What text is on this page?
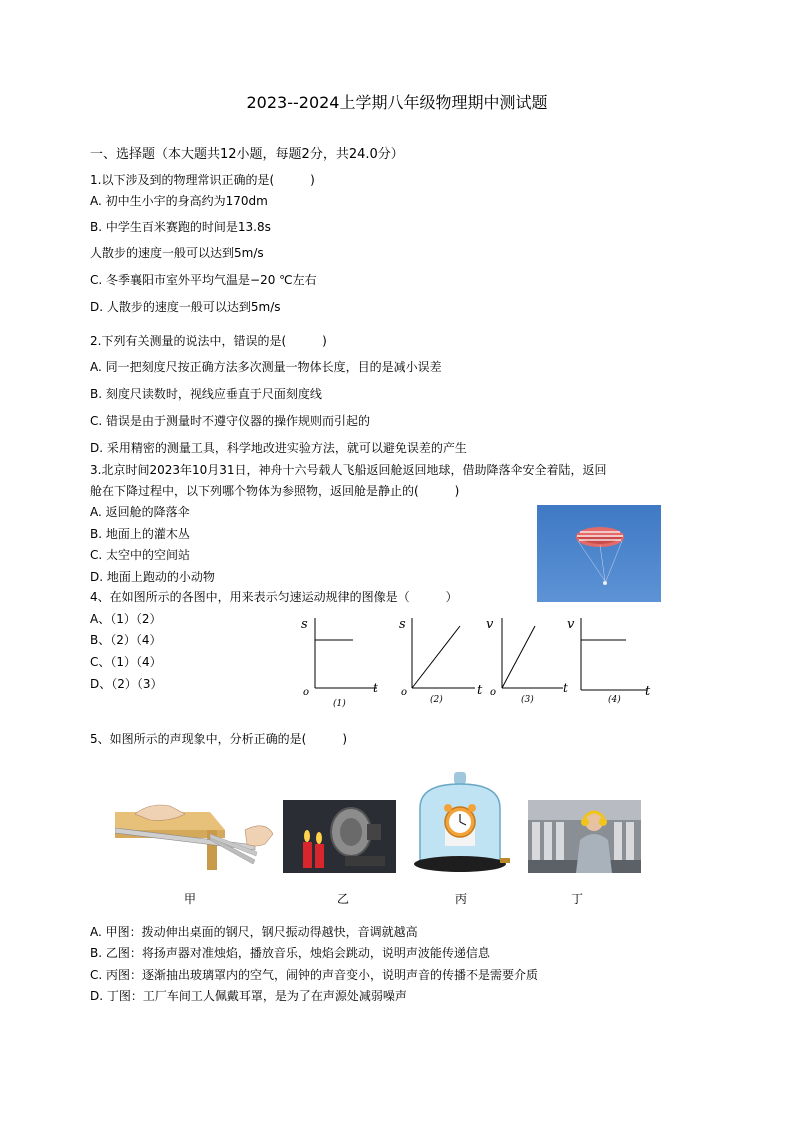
2023--2024上学期八年级物理期中测试题
一、选择题（本大题共12小题，每题2分，共24.0分）
1.以下涉及到的物理常识正确的是(　　　)
A. 初中生小宇的身高约为170dm
B. 中学生百米赛跑的时间是13.8s
人散步的速度一般可以达到5m/s
C. 冬季襄阳市室外平均气温是−20 ℃左右
D. 人散步的速度一般可以达到5m/s
2.下列有关测量的说法中，错误的是(　　　)
A. 同一把刻度尺按正确方法多次测量一物体长度，目的是减小误差
B. 刻度尺读数时，视线应垂直于尺面刻度线
C. 错误是由于测量时不遵守仪器的操作规则而引起的
D. 采用精密的测量工具，科学地改进实验方法，就可以避免误差的产生
3.北京时间2023年10月31日，神舟十六号载人飞船返回舱返回地球，借助降落伞安全着陆，返回
舱在下降过程中，以下列哪个物体为参照物，返回舱是静止的(　　　)
A. 返回舱的降落伞
B. 地面上的灌木丛
C. 太空中的空间站
D. 地面上跑动的小动物
4、在如图所示的各图中，用来表示匀速运动规律的图像是（　　　）
A、（1）（2）
B、（2）（4）
C、（1）（4）
D、（2）（3）
s
o	t
(1)
s
o	t
(2)
v
o	t
(3)
v
t
(4)
5、如图所示的声现象中，分析正确的是(　　　)
甲	乙	丙	丁
A. 甲图：拨动伸出桌面的钢尺，钢尺振动得越快，音调就越高
B. 乙图：将扬声器对准烛焰，播放音乐，烛焰会跳动，说明声波能传递信息
C. 丙图：逐渐抽出玻璃罩内的空气，闹钟的声音变小，说明声音的传播不是需要介质
D. 丁图：工厂车间工人佩戴耳罩，是为了在声源处减弱噪声
